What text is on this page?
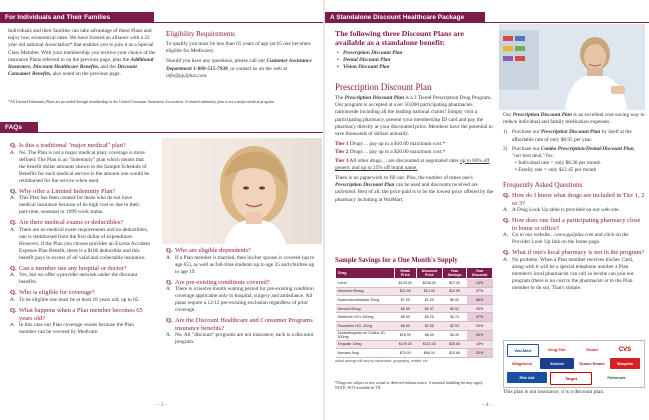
For Individuals and Their Families

Individuals and their families can take advantage of these Plans and enjoy low, economical rates. We have formed an alliance with a 22 year old national Association* that enables you to join it as a Special Class Member. With your membership you receive your choice of the insurance Plans referred to on the previous page, plus the Additional Insurance, Discount Healthcare Benefits, and the Discount Consumer Benefits, also noted on the previous page.

Eligibility Requirements

To qualify you must be less than 65 years of age (at 65 one becomes eligible for Medicare).

Should you have any questions, please call our Customer Assistance Department 1-800-515-7938, or contact us on the web at info@pp2plus.com.

*All Limited Indemnity Plans are provided through membership in the United Consumer Awareness Association. A limited indemnity plan is not a major medical program.
FAQs
Q. Is this a traditional "major medical" plan?
A. No. The Plan is not a major medical plan; coverage is more defined. The Plan is an "Indemnity" plan which means that the benefit dollar amounts shown in the Sample Schedule of Benefits for each medical service is the amount one would be reimbursed for the service when used.
Q. Why offer a Limited Indemnity Plan?
A. This Plan has been created for those who do not have medical insurance because of its high cost or due to their part-time, seasonal or 1099 work status.
Q. Are there medical exams or deductibles?
A. There are no medical exam requirements and no deductibles, one is reimbursed from the first dollar of expenditure. However, if the Plan you choose provides an Excess Accident Expense Plan Benefit, there is a $100 deductible and this benefit pays in excess of all valid and collectable insurance.
Q. Can a member use any hospital or doctor?
A. Yes, but we offer a provider network under the discount benefits.
Q. Who is eligible for coverage?
A. To be eligible one must be at least 18 years old, up to 65.
Q. What happens when a Plan member becomes 65 years old?
A. In this case our Plan coverage ceases because the Plan member can be covered by Medicare.
Q. Who are eligible dependents?
A. If a Plan member is married, then his/her spouse is covered (up to age 65), as well as full-time students up to age 25 and children up to age 19.
Q. Are pre-existing conditions covered?
A. There is a twelve month waiting period for pre-existing condition coverage applicable only to hospital, surgery and ambulance. All plans require a 12/12 pre-existing exclusion regardless of prior coverage.
Q. Are the Discount Healthcare and Consumer Programs insurance benefits?
A. No. All "discount" programs are not insurance, each is a discount program.
– 3 –
A Standalone Discount Healthcare Package
The following three Discount Plans are available as a standalone benefit:
• Prescription Discount Plan
• Dental Discount Plan
• Vision Discount Plan
Prescription Discount Plan

The Prescription Discount Plan is a 3 Tiered Prescription Drug Program. Our program is accepted at over 50,000 participating pharmacies nationwide including all the leading national chains! Simply visit a participating pharmacy, present your membership ID card and pay the pharmacy directly at your discounted price. Members have the potential to save thousands of dollars annually.

Tier 1 Drugs ... pay up to a $10.00 maximum cost.*

Tier 2 Drugs ... pay up to a $20.00 maximum cost.*

Tier 3 All other drugs ... are discounted at negotiated rates up to 60% off generic and up to 25% off brand name.

There is no paperwork to fill out. Plus, the number of times one's Prescription Discount Plan can be used and discounts received are unlimited. Best of all, the price paid is to be the lowest price offered by the pharmacy including at WalMart.

Sample Savings for a One Month's Supply
Drug	Retail Price	Discount Price	Your Savings	Your Discount
Lotrel	$125.00	$108.00	$17.00	14%
Albuterol 90mcg	$22.99	$10.00	$12.99	57%
Hydrochlorothiazide 25mg	$7.99	$1.09	$6.90	86%
Atenolol 50mg	$8.99	$2.47	$2.52	25%
Metformin HCL 500mg	$8.99	$5.25	$3.74	57%
Fluoxetine HCL 20mg	$8.99	$2.96	$2.93	29%
Acetaminophen w/ Codine 30-300mg	$16.99	$8.49	$3.49	44%
Singulair 10mg	$139.00	$110.35	$28.65	16%
Norvasc 5mg	$75.00	$68.34	$15.66	20%
actual savings will vary by medication, geography, retailer, etc.
*Drugs are subject to tier, actual or deferred without notice. A nominal handling fee may apply. NOTE: NOT available in TN.

Our Prescription Discount Plan is an excellent cost-saving way to reduce individual and family medication expenses.

1) Purchase our Prescription Discount Plan by itself at the affordable rate of only $8.95 per year.
2) Purchase our Combo Prescription/Dental/Discount Plan, "our best deal," for:
• Individual rate = only $8.30 per month
• Family rate = only $12.45 per month
Frequently Asked Questions
Q. How do I know what drugs are included in Tier 1, 2 or 3?
A. A Drug Look Up table is provided on our web site.
Q. How does one find a participating pharmacy close to home or office?
A. Go to our website....www.pp2plus.com and click on the Provider Look Up link on the home page.
Q. What if one's local pharmacy is not in the program?
A. No problem. When a Plan member receives his/her Card, along with it will be a special telephone number a Plan member's local pharmacist can call so he/she can join our program (there is no cost to the pharmacist or to the Plan member to do so). That's simple.
Wal-Mart	Drug Fair	Kmart	CVS
Walgreens	Eckerd	Duane Reade	Shoprite
Rite Aid	Target	Pathmark
This plan is not insurance, it is a discount plan.
– 4 –
